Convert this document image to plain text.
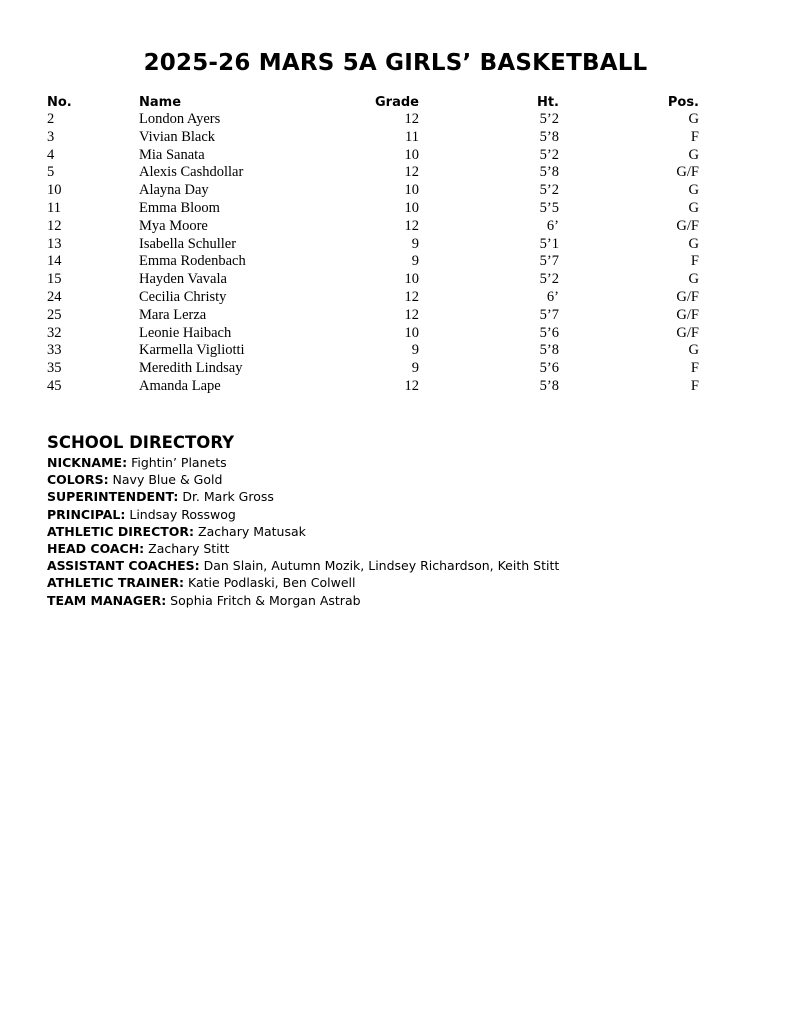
2025-26 MARS 5A GIRLS’ BASKETBALL
No.	Name	Grade	Ht.	Pos.
2	London Ayers	12	5’2	G
3	Vivian Black	11	5’8	F
4	Mia Sanata	10	5’2	G
5	Alexis Cashdollar	12	5’8	G/F
10	Alayna Day	10	5’2	G
11	Emma Bloom	10	5’5	G
12	Mya Moore	12	6’	G/F
13	Isabella Schuller	9	5’1	G
14	Emma Rodenbach	9	5’7	F
15	Hayden Vavala	10	5’2	G
24	Cecilia Christy	12	6’	G/F
25	Mara Lerza	12	5’7	G/F
32	Leonie Haibach	10	5’6	G/F
33	Karmella Vigliotti	9	5’8	G
35	Meredith Lindsay	9	5’6	F
45	Amanda Lape	12	5’8	F
SCHOOL DIRECTORY
NICKNAME: Fightin’ Planets
COLORS: Navy Blue & Gold
SUPERINTENDENT: Dr. Mark Gross
PRINCIPAL: Lindsay Rosswog
ATHLETIC DIRECTOR: Zachary Matusak
HEAD COACH: Zachary Stitt
ASSISTANT COACHES: Dan Slain, Autumn Mozik, Lindsey Richardson, Keith Stitt
ATHLETIC TRAINER: Katie Podlaski, Ben Colwell
TEAM MANAGER: Sophia Fritch & Morgan Astrab
